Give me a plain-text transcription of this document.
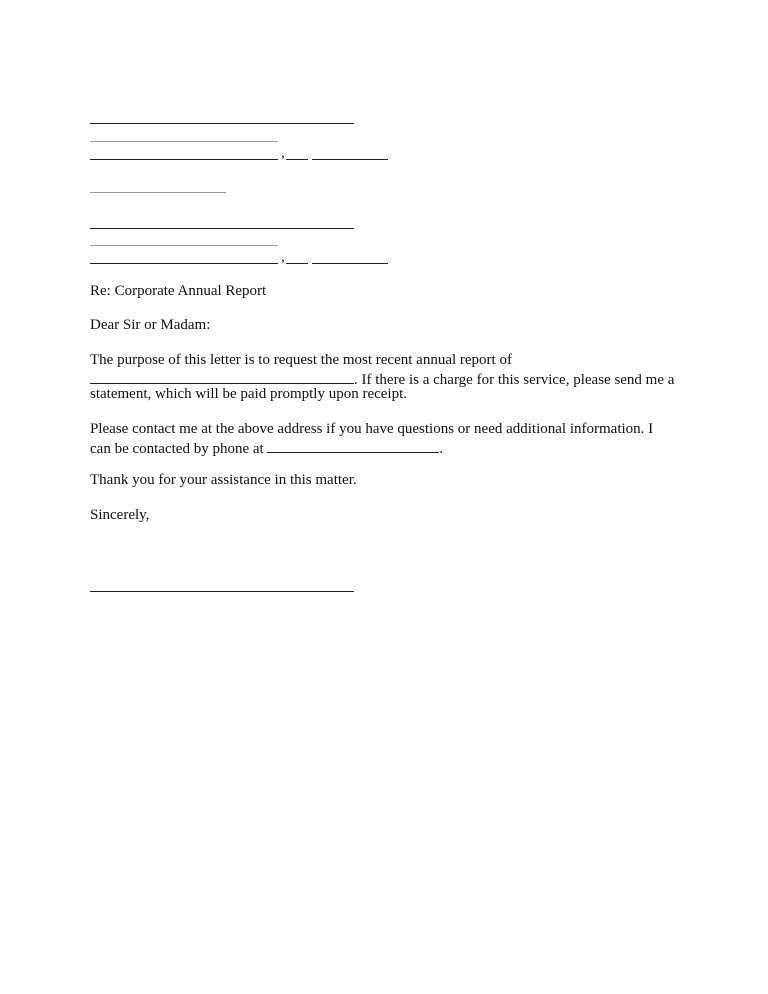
,
,
Re: Corporate Annual Report
Dear Sir or Madam:
The purpose of this letter is to request the most recent annual report of
. If there is a charge for this service, please send me a
statement, which will be paid promptly upon receipt.
Please contact me at the above address if you have questions or need additional information. I
can be contacted by phone at	.
Thank you for your assistance in this matter.
Sincerely,
